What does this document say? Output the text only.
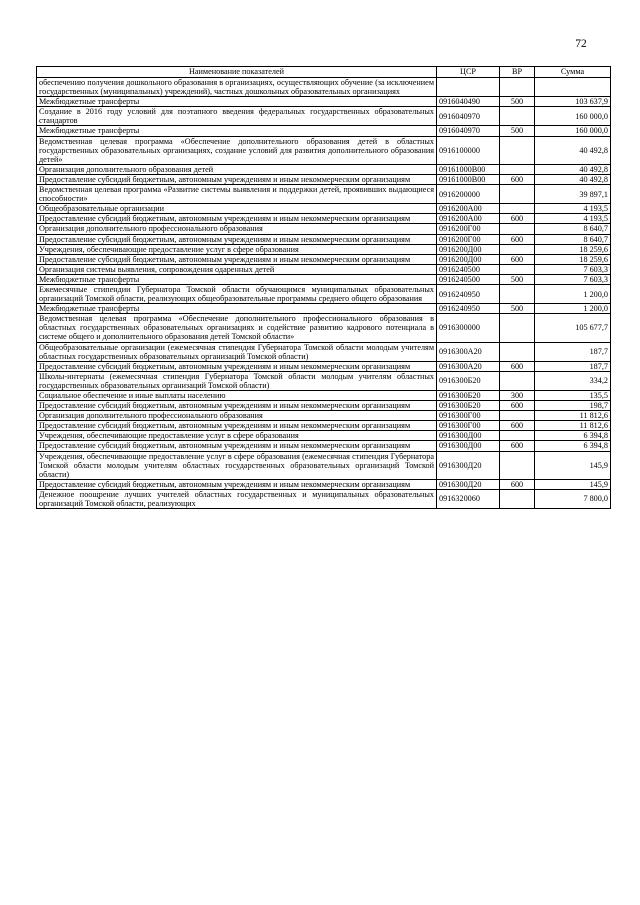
72
Наименование показателей	ЦСР	ВР	Сумма
обеспечению получения дошкольного образования в организациях, осуществляющих обучение (за исключением государственных (муниципальных) учреждений), частных дошкольных образовательных организациях			
Межбюджетные трансферты	0916040490	500	103 637,9
Создание в 2016 году условий для поэтапного введения федеральных государственных образовательных стандартов	0916040970		160 000,0
Межбюджетные трансферты	0916040970	500	160 000,0
Ведомственная целевая программа «Обеспечение дополнительного образования детей в областных государственных образовательных организациях, создание условий для развития дополнительного образования детей»	0916100000		40 492,8
Организация дополнительного образования детей	09161000В00		40 492,8
Предоставление субсидий бюджетным, автономным учреждениям и иным некоммерческим организациям	09161000В00	600	40 492,8
Ведомственная целевая программа «Развитие системы выявления и поддержки детей, проявивших выдающиеся способности»	0916200000		39 897,1
Общеобразовательные организации	0916200А00		4 193,5
Предоставление субсидий бюджетным, автономным учреждениям и иным некоммерческим организациям	0916200А00	600	4 193,5
Организация дополнительного профессионального образования	0916200Г00		8 640,7
Предоставление субсидий бюджетным, автономным учреждениям и иным некоммерческим организациям	0916200Г00	600	8 640,7
Учреждения, обеспечивающие предоставление услуг в сфере образования	0916200Д00		18 259,6
Предоставление субсидий бюджетным, автономным учреждениям и иным некоммерческим организациям	0916200Д00	600	18 259,6
Организация системы выявления, сопровождения одаренных детей	0916240500		7 603,3
Межбюджетные трансферты	0916240500	500	7 603,3
Ежемесячные стипендии Губернатора Томской области обучающимся муниципальных образовательных организаций Томской области, реализующих общеобразовательные программы среднего общего образования	0916240950		1 200,0
Межбюджетные трансферты	0916240950	500	1 200,0
Ведомственная целевая программа «Обеспечение дополнительного профессионального образования в областных государственных образовательных организациях и содействие развитию кадрового потенциала в системе общего и дополнительного образования детей Томской области»	0916300000		105 677,7
Общеобразовательные организации (ежемесячная стипендия Губернатора Томской области молодым учителям областных государственных образовательных организаций Томской области)	0916300А20		187,7
Предоставление субсидий бюджетным, автономным учреждениям и иным некоммерческим организациям	0916300А20	600	187,7
Школы-интернаты (ежемесячная стипендия Губернатора Томской области молодым учителям областных государственных образовательных организаций Томской области)	0916300Б20		334,2
Социальное обеспечение и иные выплаты населению	0916300Б20	300	135,5
Предоставление субсидий бюджетным, автономным учреждениям и иным некоммерческим организациям	0916300Б20	600	198,7
Организация дополнительного профессионального образования	0916300Г00		11 812,6
Предоставление субсидий бюджетным, автономным учреждениям и иным некоммерческим организациям	0916300Г00	600	11 812,6
Учреждения, обеспечивающие предоставление услуг в сфере образования	0916300Д00		6 394,8
Предоставление субсидий бюджетным, автономным учреждениям и иным некоммерческим организациям	0916300Д00	600	6 394,8
Учреждения, обеспечивающие предоставление услуг в сфере образования (ежемесячная стипендия Губернатора Томской области молодым учителям областных государственных образовательных организаций Томской области)	0916300Д20		145,9
Предоставление субсидий бюджетным, автономным учреждениям и иным некоммерческим организациям	0916300Д20	600	145,9
Денежное поощрение лучших учителей областных государственных и муниципальных образовательных организаций Томской области, реализующих	0916320060		7 800,0
